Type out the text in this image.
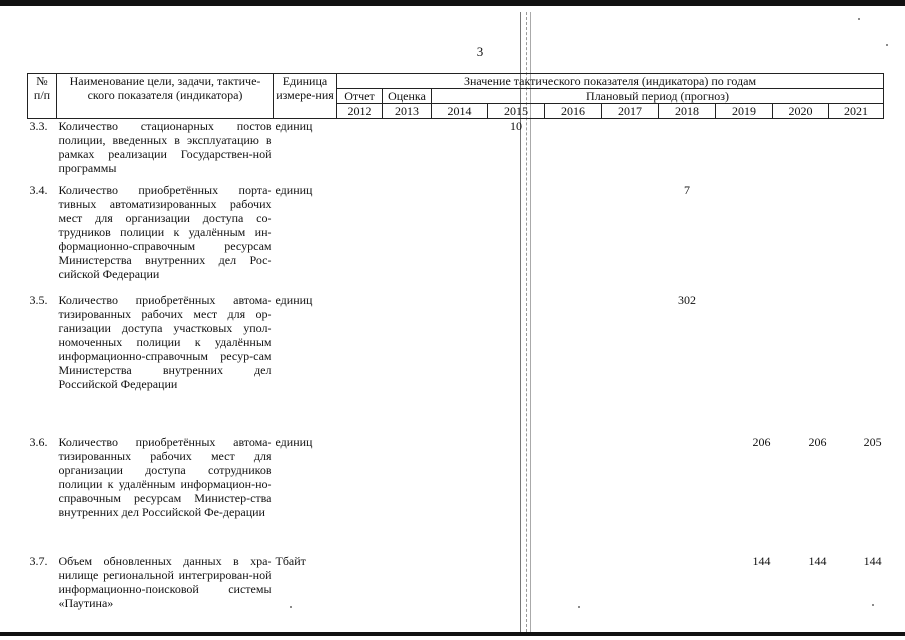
3
№ п/п	Наименование цели, задачи, тактиче-ского показателя (индикатора)	Единица измере-ния	Значение тактического показателя (индикатора) по годам									
			Отчет	Оценка	Плановый период (прогноз)							
			2012	2013	2014	2015	2016	2017	2018	2019	2020	2021
3.3.	Количество стационарных постов полиции, введенных в эксплуатацию в рамках реализации Государствен-ной программы	единиц				10						
3.4.	Количество приобретённых порта-тивных автоматизированных рабочих мест для организации доступа со-трудников полиции к удалённым ин-формационно-справочным ресурсам Министерства внутренних дел Рос-сийской Федерации	единиц							7			
3.5.	Количество приобретённых автома-тизированных рабочих мест для ор-ганизации доступа участковых упол-номоченных полиции к удалённым информационно-справочным ресур-сам Министерства внутренних дел Российской Федерации	единиц							302			
3.6.	Количество приобретённых автома-тизированных рабочих мест для организации доступа сотрудников полиции к удалённым информацион-но-справочным ресурсам Министер-ства внутренних дел Российской Фе-дерации	единиц								206	206	205
3.7.	Объем обновленных данных в хра-нилище региональной интегрирован-ной информационно-поисковой системы «Паутина»	Тбайт								144	144	144
